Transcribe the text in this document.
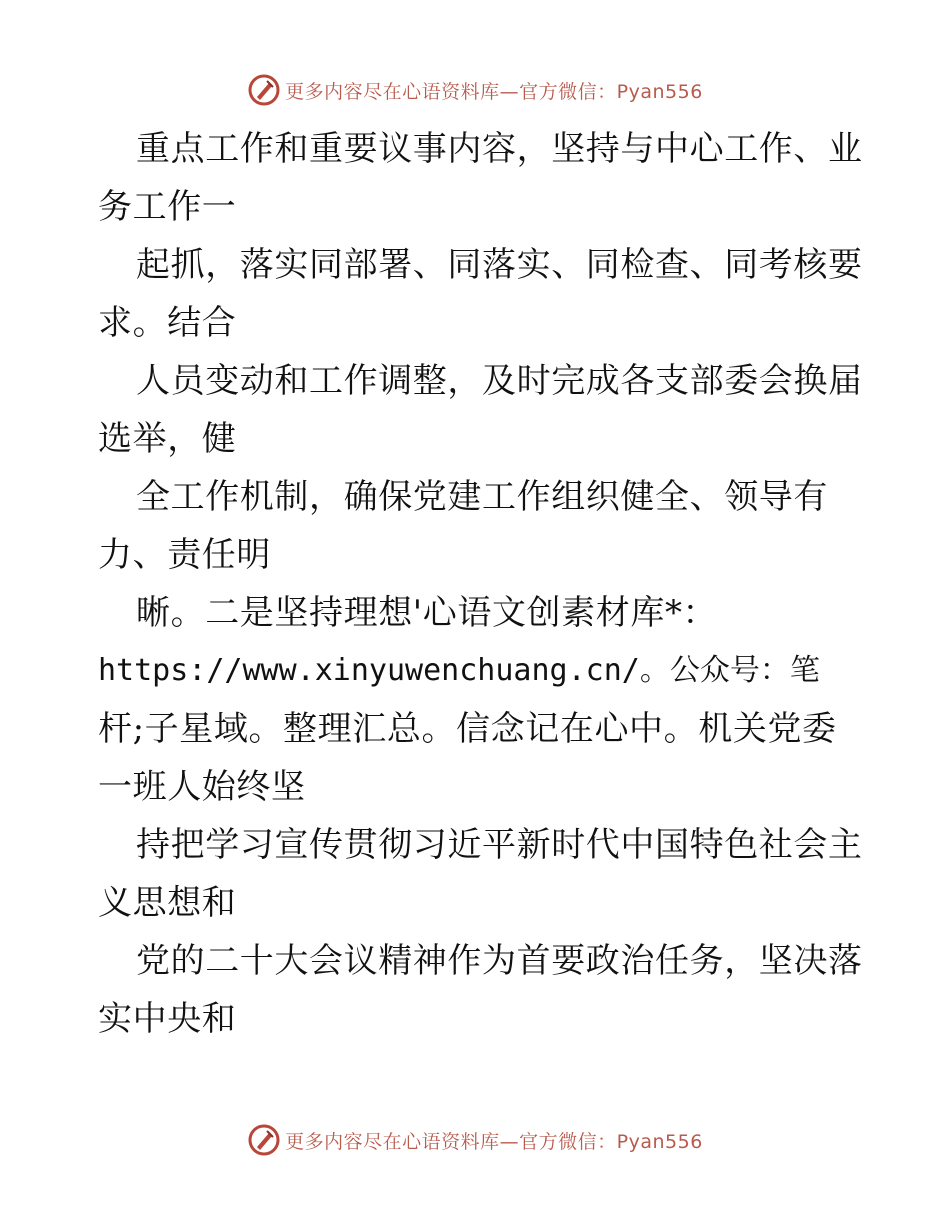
更多内容尽在心语资料库—官方微信：Pyan556
重点工作和重要议事内容，坚持与中心工作、业
务工作一
起抓，落实同部署、同落实、同检查、同考核要
求。结合
人员变动和工作调整，及时完成各支部委会换届
选举，健
全工作机制，确保党建工作组织健全、领导有
力、责任明
晰。二是坚持理想'心语文创素材库*：
https://www.xinyuwenchuang.cn/。公众号：笔
杆;子星域。整理汇总。信念记在心中。机关党委
一班人始终坚
持把学习宣传贯彻习近平新时代中国特色社会主
义思想和
党的二十大会议精神作为首要政治任务，坚决落
实中央和
更多内容尽在心语资料库—官方微信：Pyan556
